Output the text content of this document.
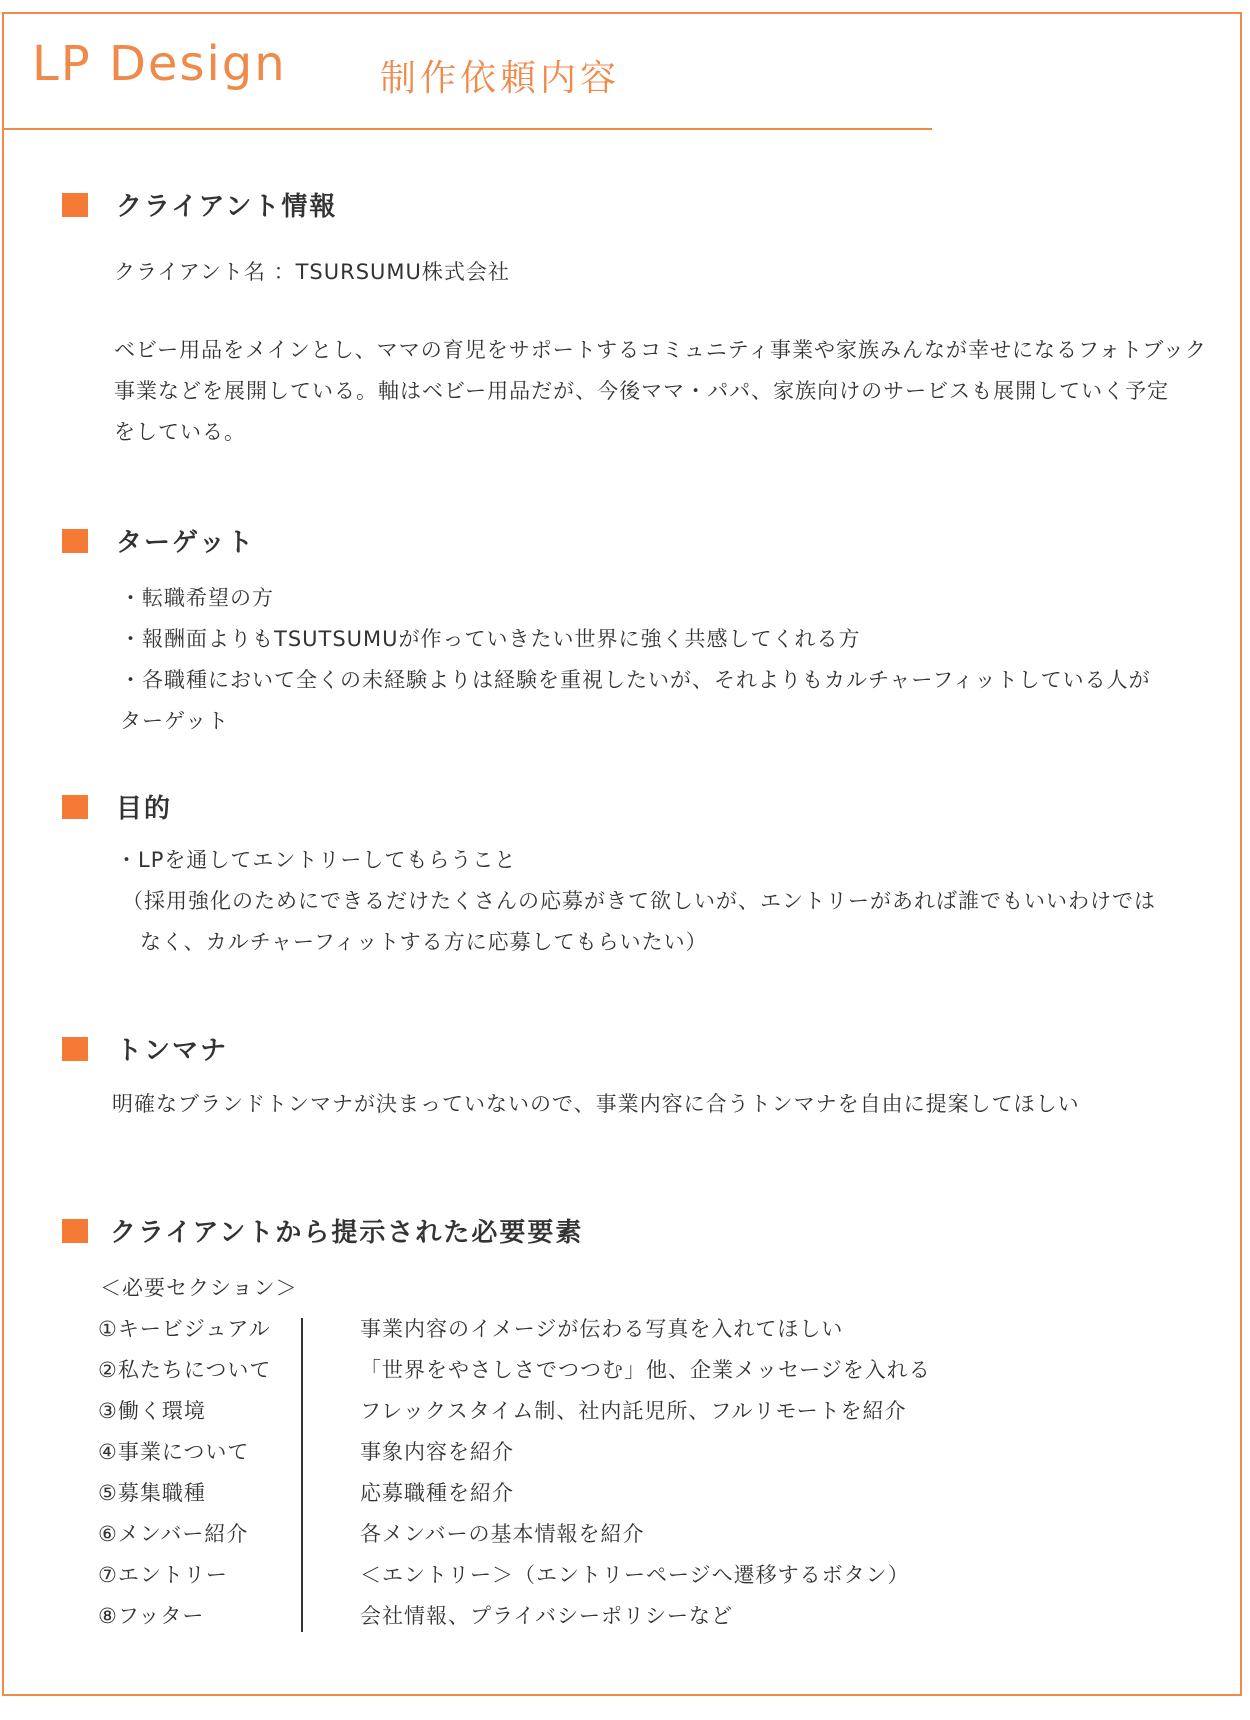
LP Design	制作依頼内容
クライアント情報
クライアント名 ：TSURSUMU株式会社
ベビー用品をメインとし、ママの育児をサポートするコミュニティ事業や家族みんなが幸せになるフォトブック
事業などを展開している。軸はベビー用品だが、今後ママ・パパ、家族向けのサービスも展開していく予定
をしている。
ターゲット
・転職希望の方
・報酬面よりもTSUTSUMUが作っていきたい世界に強く共感してくれる方
・各職種において全くの未経験よりは経験を重視したいが、それよりもカルチャーフィットしている人が
ターゲット
目的
・LPを通してエントリーしてもらうこと
（採用強化のためにできるだけたくさんの応募がきて欲しいが、エントリーがあれば誰でもいいわけでは
なく、カルチャーフィットする方に応募してもらいたい）
トンマナ
明確なブランドトンマナが決まっていないので、事業内容に合うトンマナを自由に提案してほしい
クライアントから提示された必要要素
＜必要セクション＞
①キービジュアル	事業内容のイメージが伝わる写真を入れてほしい
②私たちについて	「世界をやさしさでつつむ」他、企業メッセージを入れる
③働く環境	フレックスタイム制、社内託児所、フルリモートを紹介
④事業について	事象内容を紹介
⑤募集職種	応募職種を紹介
⑥メンバー紹介	各メンバーの基本情報を紹介
⑦エントリー	＜エントリー＞（エントリーページへ遷移するボタン）
⑧フッター	会社情報、プライバシーポリシーなど
